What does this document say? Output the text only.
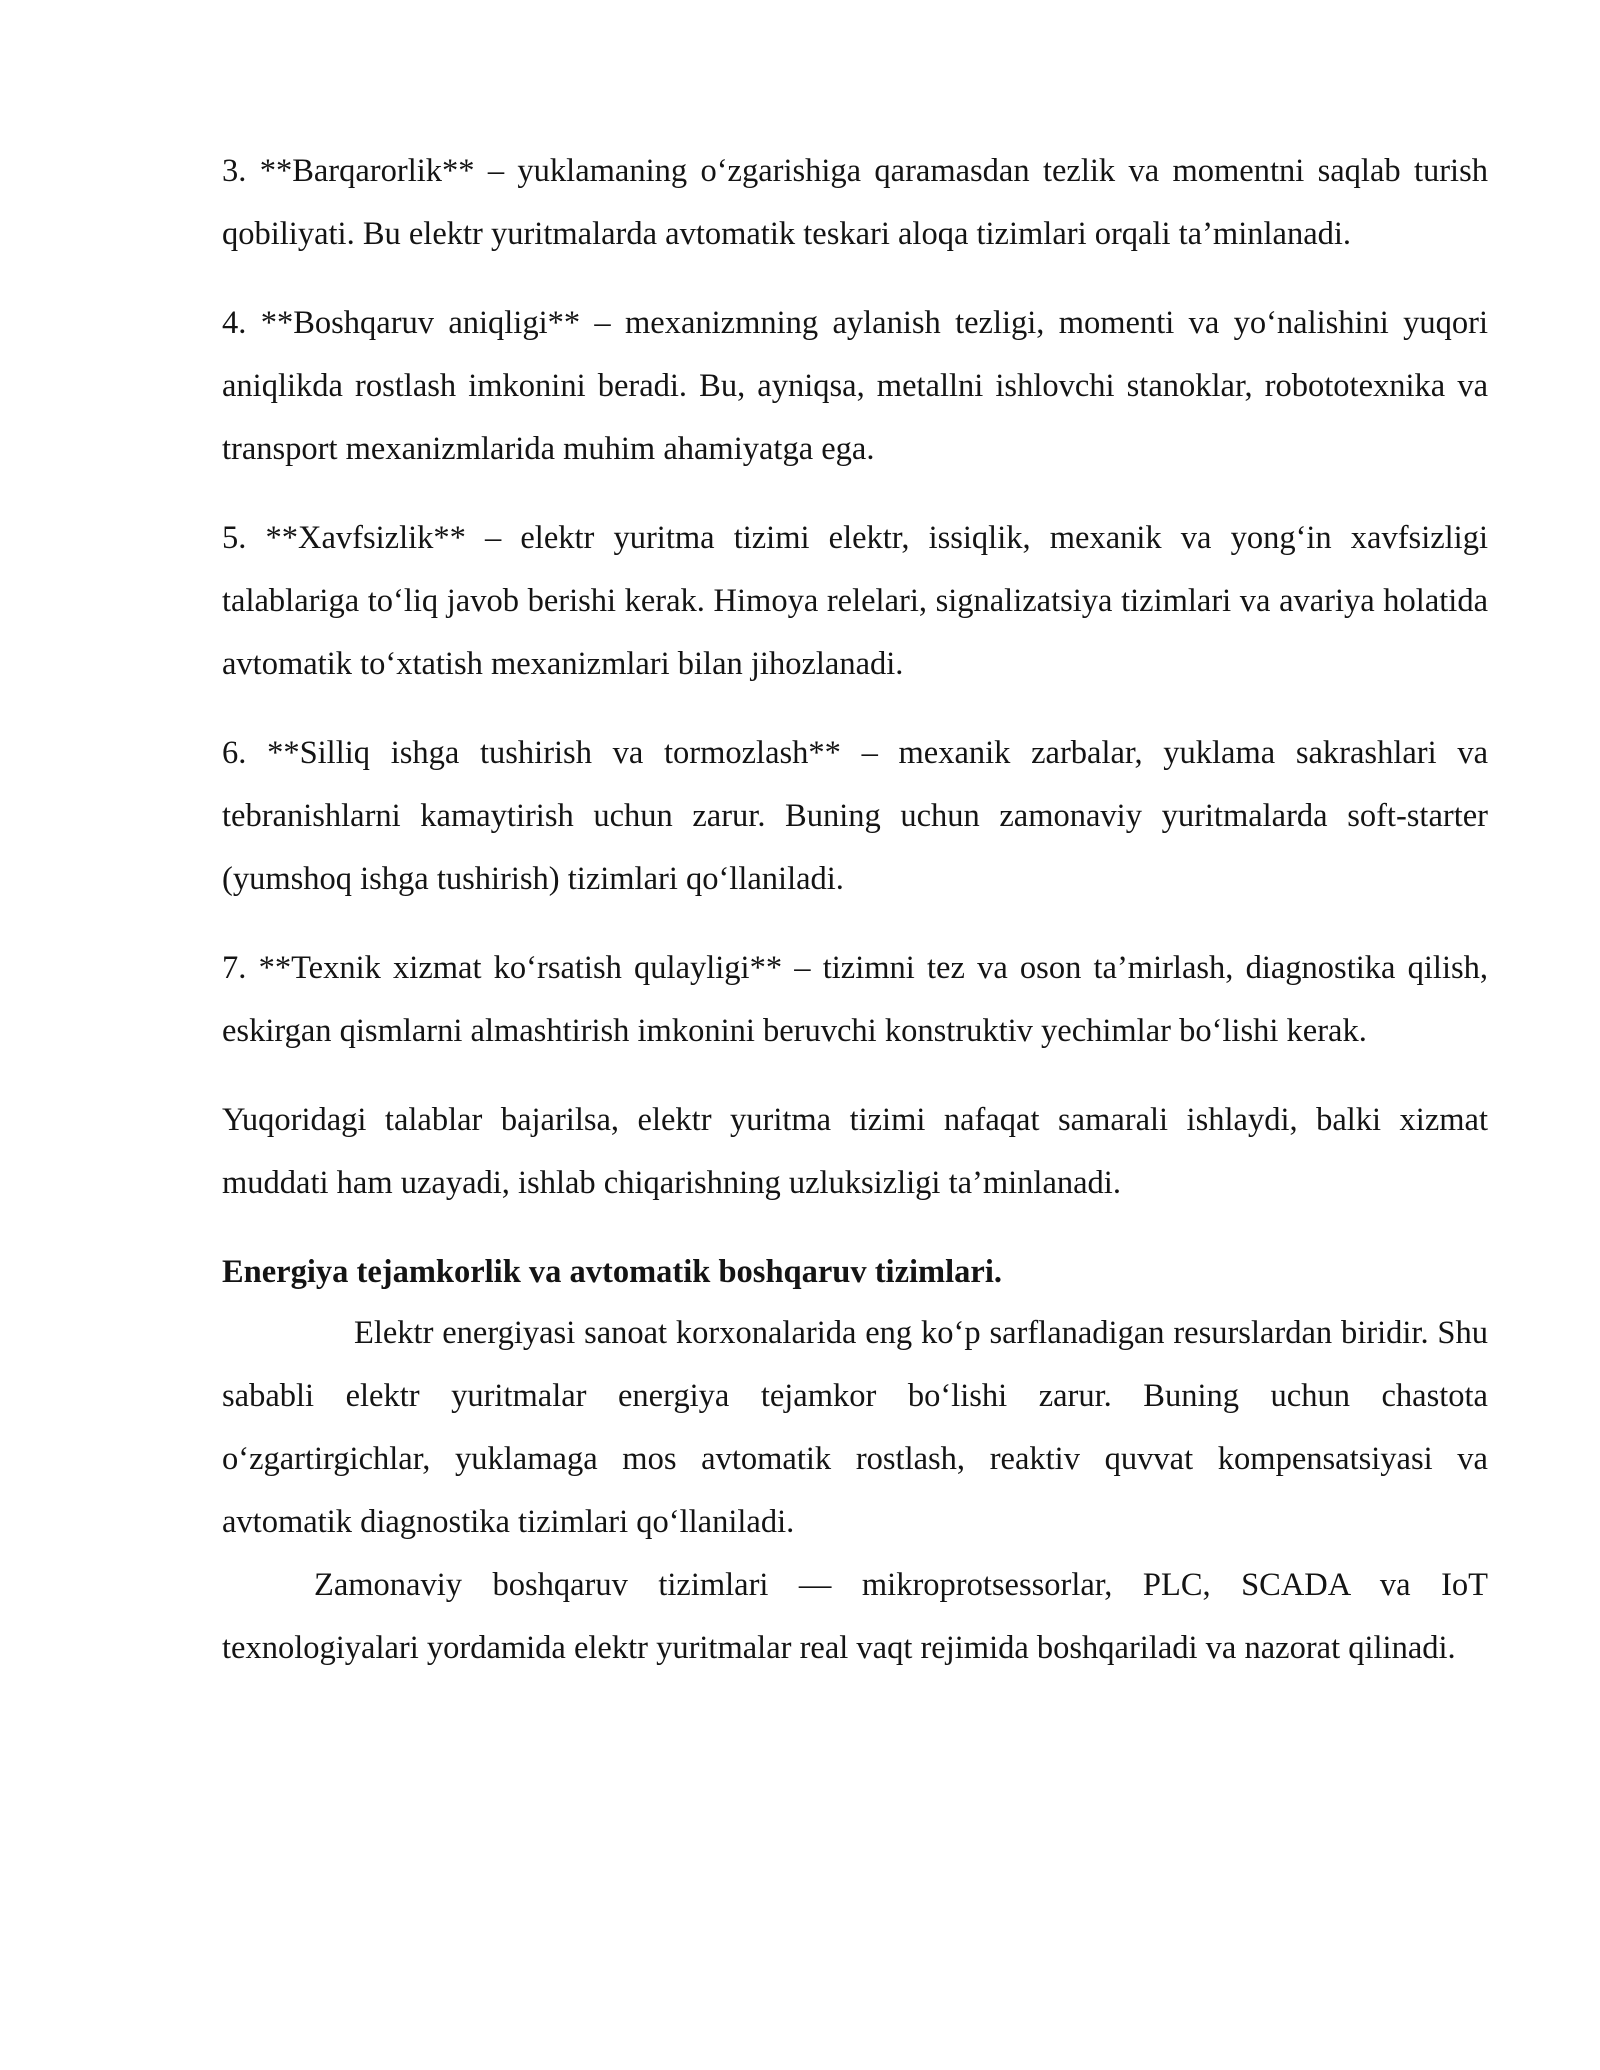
3. **Barqarorlik** – yuklamaning o‘zgarishiga qaramasdan tezlik va momentni saqlab turish qobiliyati. Bu elektr yuritmalarda avtomatik teskari aloqa tizimlari orqali ta’minlanadi.

4. **Boshqaruv aniqligi** – mexanizmning aylanish tezligi, momenti va yo‘nalishini yuqori aniqlikda rostlash imkonini beradi. Bu, ayniqsa, metallni ishlovchi stanoklar, robototexnika va transport mexanizmlarida muhim ahamiyatga ega.

5. **Xavfsizlik** – elektr yuritma tizimi elektr, issiqlik, mexanik va yong‘in xavfsizligi talablariga to‘liq javob berishi kerak. Himoya relelari, signalizatsiya tizimlari va avariya holatida avtomatik to‘xtatish mexanizmlari bilan jihozlanadi.

6. **Silliq ishga tushirish va tormozlash** – mexanik zarbalar, yuklama sakrashlari va tebranishlarni kamaytirish uchun zarur. Buning uchun zamonaviy yuritmalarda soft-starter (yumshoq ishga tushirish) tizimlari qo‘llaniladi.

7. **Texnik xizmat ko‘rsatish qulayligi** – tizimni tez va oson ta’mirlash, diagnostika qilish, eskirgan qismlarni almashtirish imkonini beruvchi konstruktiv yechimlar bo‘lishi kerak.

Yuqoridagi talablar bajarilsa, elektr yuritma tizimi nafaqat samarali ishlaydi, balki xizmat muddati ham uzayadi, ishlab chiqarishning uzluksizligi ta’minlanadi.

Energiya tejamkorlik va avtomatik boshqaruv tizimlari.

Elektr energiyasi sanoat korxonalarida eng ko‘p sarflanadigan resurslardan biridir. Shu sababli elektr yuritmalar energiya tejamkor bo‘lishi zarur. Buning uchun chastota o‘zgartirgichlar, yuklamaga mos avtomatik rostlash, reaktiv quvvat kompensatsiyasi va avtomatik diagnostika tizimlari qo‘llaniladi.

Zamonaviy boshqaruv tizimlari — mikroprotsessorlar, PLC, SCADA va IoT texnologiyalari yordamida elektr yuritmalar real vaqt rejimida boshqariladi va nazorat qilinadi.
